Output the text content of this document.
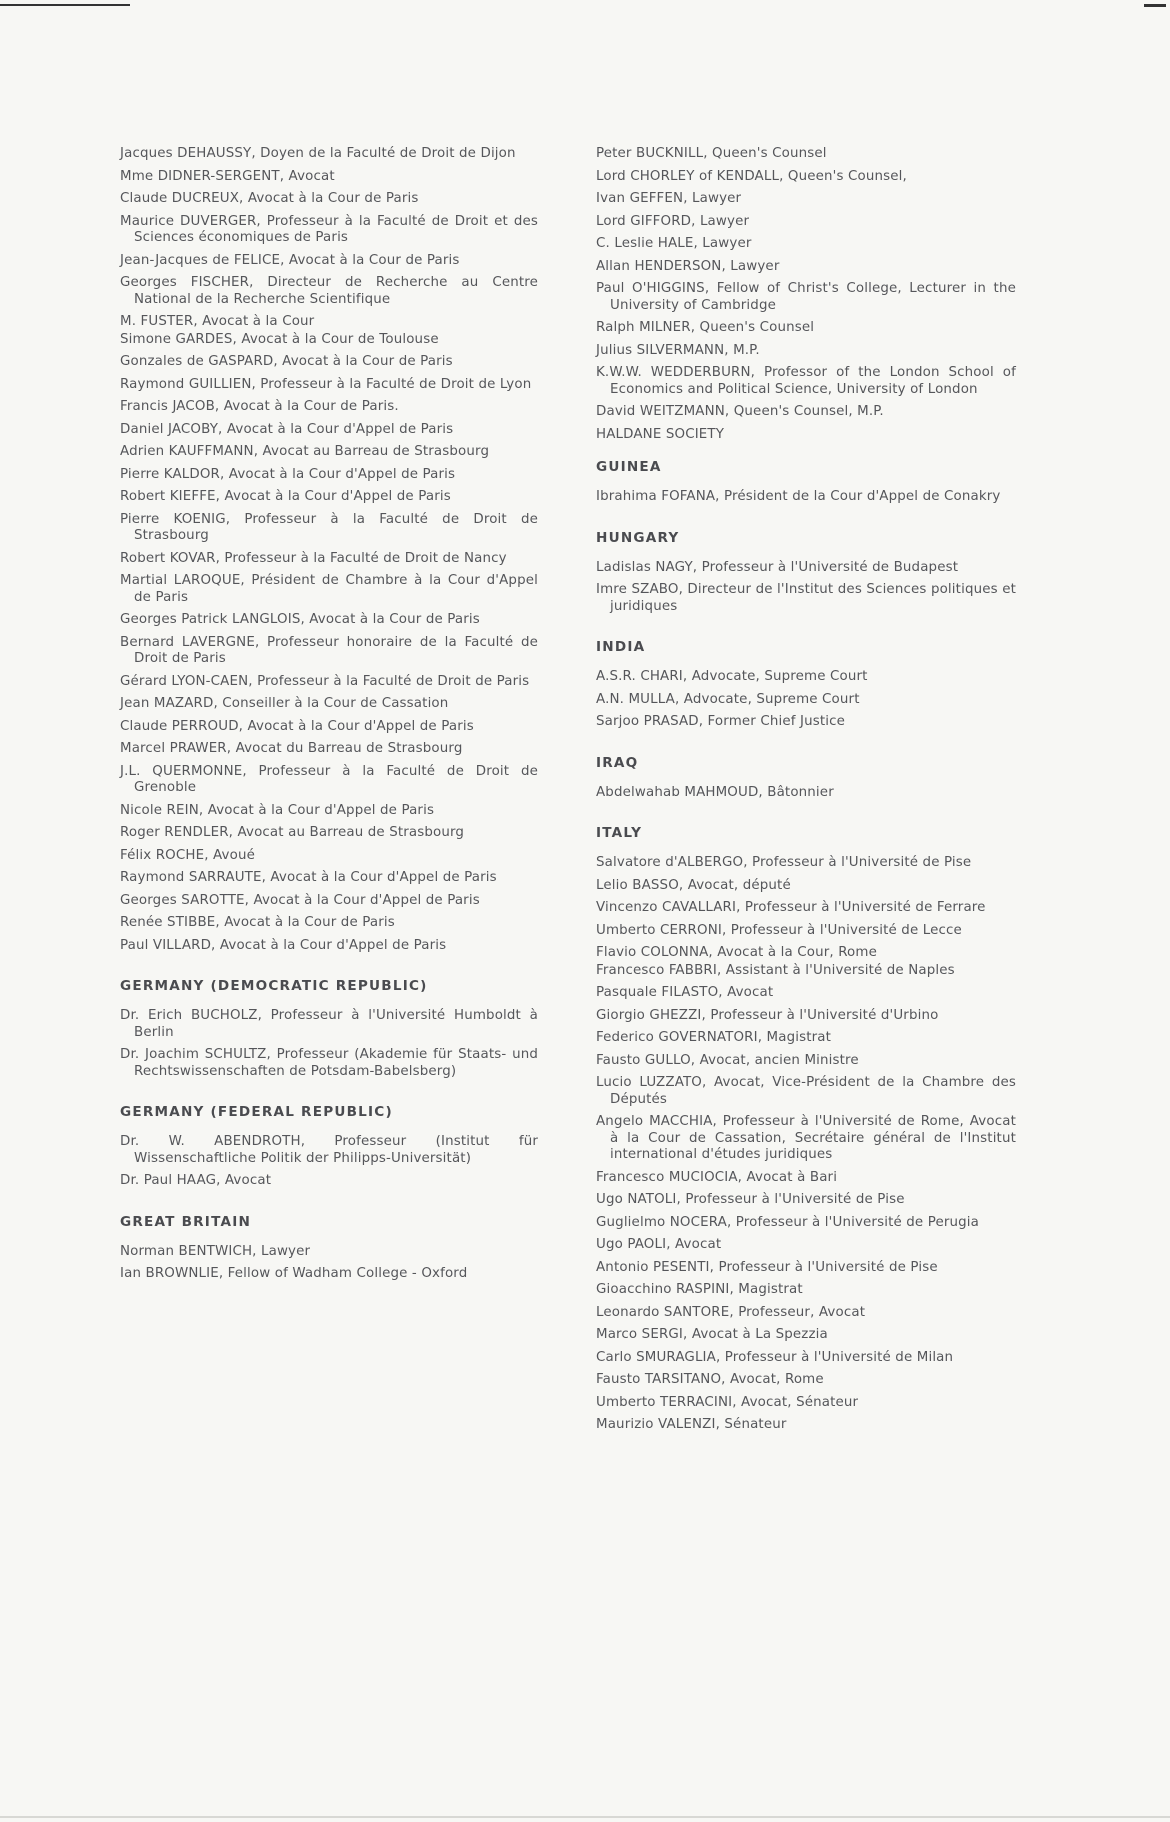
Jacques DEHAUSSY, Doyen de la Faculté de Droit de Dijon
Mme DIDNER-SERGENT, Avocat
Claude DUCREUX, Avocat à la Cour de Paris
Maurice DUVERGER, Professeur à la Faculté de Droit et des Sciences économiques de Paris
Jean-Jacques de FELICE, Avocat à la Cour de Paris
Georges FISCHER, Directeur de Recherche au Centre National de la Recherche Scientifique
M. FUSTER, Avocat à la Cour
Simone GARDES, Avocat à la Cour de Toulouse
Gonzales de GASPARD, Avocat à la Cour de Paris
Raymond GUILLIEN, Professeur à la Faculté de Droit de Lyon
Francis JACOB, Avocat à la Cour de Paris.
Daniel JACOBY, Avocat à la Cour d'Appel de Paris
Adrien KAUFFMANN, Avocat au Barreau de Strasbourg
Pierre KALDOR, Avocat à la Cour d'Appel de Paris
Robert KIEFFE, Avocat à la Cour d'Appel de Paris
Pierre KOENIG, Professeur à la Faculté de Droit de Strasbourg
Robert KOVAR, Professeur à la Faculté de Droit de Nancy
Martial LAROQUE, Président de Chambre à la Cour d'Appel de Paris
Georges Patrick LANGLOIS, Avocat à la Cour de Paris
Bernard LAVERGNE, Professeur honoraire de la Faculté de Droit de Paris
Gérard LYON-CAEN, Professeur à la Faculté de Droit de Paris
Jean MAZARD, Conseiller à la Cour de Cassation
Claude PERROUD, Avocat à la Cour d'Appel de Paris
Marcel PRAWER, Avocat du Barreau de Strasbourg
J.L. QUERMONNE, Professeur à la Faculté de Droit de Grenoble
Nicole REIN, Avocat à la Cour d'Appel de Paris
Roger RENDLER, Avocat au Barreau de Strasbourg
Félix ROCHE, Avoué
Raymond SARRAUTE, Avocat à la Cour d'Appel de Paris
Georges SAROTTE, Avocat à la Cour d'Appel de Paris
Renée STIBBE, Avocat à la Cour de Paris
Paul VILLARD, Avocat à la Cour d'Appel de Paris
GERMANY (DEMOCRATIC REPUBLIC)
Dr. Erich BUCHOLZ, Professeur à l'Université Humboldt à Berlin
Dr. Joachim SCHULTZ, Professeur (Akademie für Staats- und Rechtswissenschaften de Potsdam-Babelsberg)
GERMANY (FEDERAL REPUBLIC)
Dr. W. ABENDROTH, Professeur (Institut für Wissenschaftliche Politik der Philipps-Universität)
Dr. Paul HAAG, Avocat
GREAT BRITAIN
Norman BENTWICH, Lawyer
Ian BROWNLIE, Fellow of Wadham College - Oxford
Peter BUCKNILL, Queen's Counsel
Lord CHORLEY of KENDALL, Queen's Counsel,
Ivan GEFFEN, Lawyer
Lord GIFFORD, Lawyer
C. Leslie HALE, Lawyer
Allan HENDERSON, Lawyer
Paul O'HIGGINS, Fellow of Christ's College, Lecturer in the University of Cambridge
Ralph MILNER, Queen's Counsel
Julius SILVERMANN, M.P.
K.W.W. WEDDERBURN, Professor of the London School of Economics and Political Science, University of London
David WEITZMANN, Queen's Counsel, M.P.
HALDANE SOCIETY
GUINEA
Ibrahima FOFANA, Président de la Cour d'Appel de Conakry
HUNGARY
Ladislas NAGY, Professeur à l'Université de Budapest
Imre SZABO, Directeur de l'Institut des Sciences politiques et juridiques
INDIA
A.S.R. CHARI, Advocate, Supreme Court
A.N. MULLA, Advocate, Supreme Court
Sarjoo PRASAD, Former Chief Justice
IRAQ
Abdelwahab MAHMOUD, Bâtonnier
ITALY
Salvatore d'ALBERGO, Professeur à l'Université de Pise
Lelio BASSO, Avocat, député
Vincenzo CAVALLARI, Professeur à l'Université de Ferrare
Umberto CERRONI, Professeur à l'Université de Lecce
Flavio COLONNA, Avocat à la Cour, Rome
Francesco FABBRI, Assistant à l'Université de Naples
Pasquale FILASTO, Avocat
Giorgio GHEZZI, Professeur à l'Université d'Urbino
Federico GOVERNATORI, Magistrat
Fausto GULLO, Avocat, ancien Ministre
Lucio LUZZATO, Avocat, Vice-Président de la Chambre des Députés
Angelo MACCHIA, Professeur à l'Université de Rome, Avocat à la Cour de Cassation, Secrétaire général de l'Institut international d'études juridiques
Francesco MUCIOCIA, Avocat à Bari
Ugo NATOLI, Professeur à l'Université de Pise
Guglielmo NOCERA, Professeur à l'Université de Perugia
Ugo PAOLI, Avocat
Antonio PESENTI, Professeur à l'Université de Pise
Gioacchino RASPINI, Magistrat
Leonardo SANTORE, Professeur, Avocat
Marco SERGI, Avocat à La Spezzia
Carlo SMURAGLIA, Professeur à l'Université de Milan
Fausto TARSITANO, Avocat, Rome
Umberto TERRACINI, Avocat, Sénateur
Maurizio VALENZI, Sénateur
